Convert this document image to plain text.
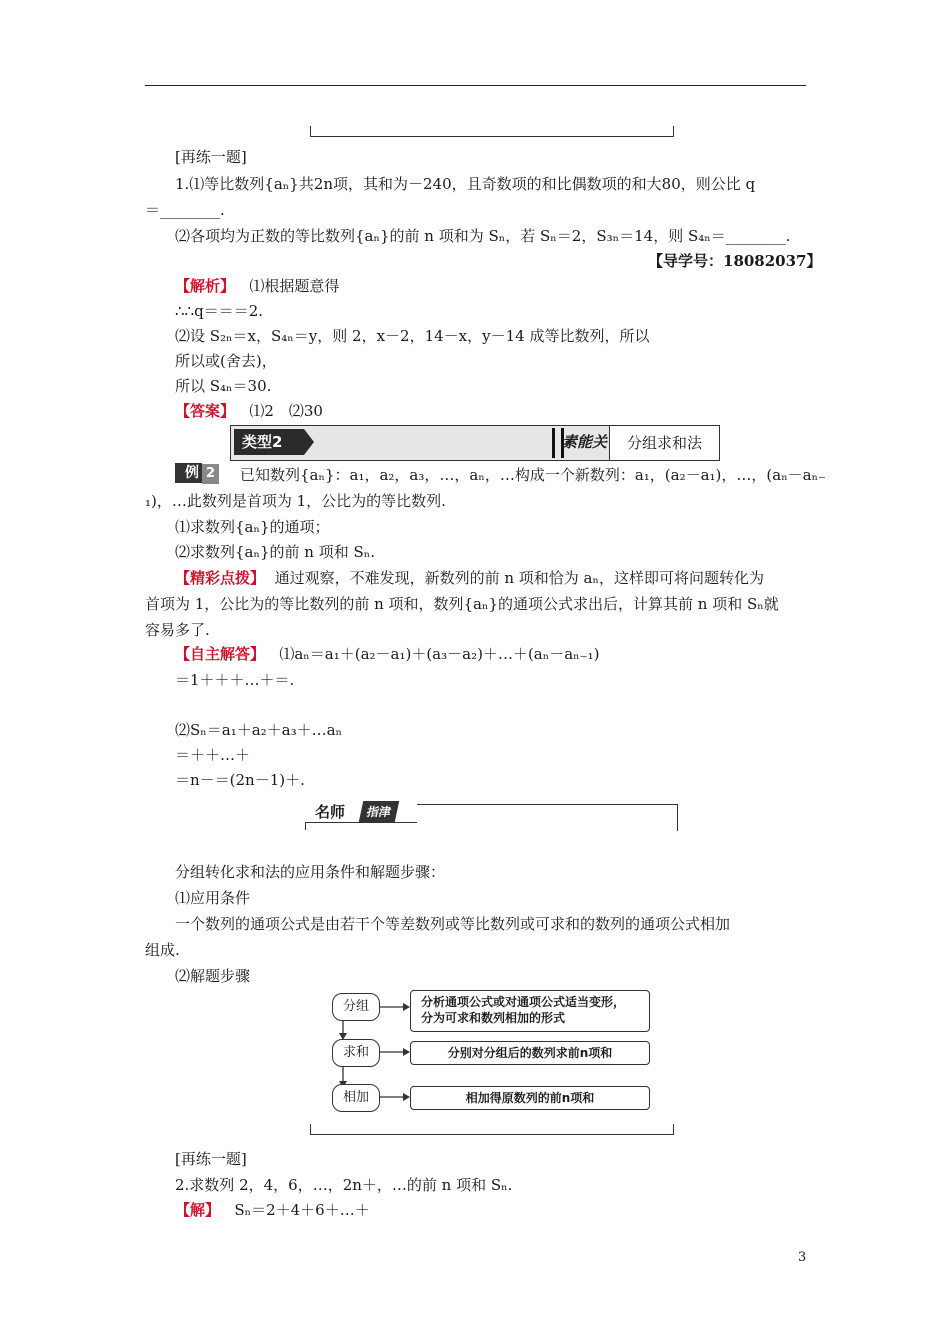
[再练一题]
1.⑴等比数列{aₙ}共2n项，其和为－240，且奇数项的和比偶数项的和大80，则公比 q
＝________.
⑵各项均为正数的等比数列{aₙ}的前 n 项和为 Sₙ，若 Sₙ＝2，S₃ₙ＝14，则 S₄ₙ＝________.
【导学号：18082037】
【解析】 ⑴根据题意得
∴∴q＝＝＝2.
⑵设 S₂ₙ＝x，S₄ₙ＝y，则 2，x－2，14－x，y－14 成等比数列，所以
所以或(舍去)，
所以 S₄ₙ＝30.
【答案】 ⑴2　⑵30
类型2	素能关	分组求和法
例 2 已知数列{aₙ}：a₁，a₂，a₃，…，aₙ，…构成一个新数列：a₁，(a₂－a₁)，…，(aₙ－aₙ₋
₁)，…此数列是首项为 1，公比为的等比数列.
⑴求数列{aₙ}的通项；
⑵求数列{aₙ}的前 n 项和 Sₙ.
【精彩点拨】 通过观察，不难发现，新数列的前 n 项和恰为 aₙ，这样即可将问题转化为
首项为 1，公比为的等比数列的前 n 项和，数列{aₙ}的通项公式求出后，计算其前 n 项和 Sₙ就
容易多了.
【自主解答】 ⑴aₙ＝a₁＋(a₂－a₁)＋(a₃－a₂)＋…＋(aₙ－aₙ₋₁)
＝1＋＋＋…＋＝.
⑵Sₙ＝a₁＋a₂＋a₃＋…aₙ
＝＋＋…＋
＝n－＝(2n－1)＋.
名师	指津
分组转化求和法的应用条件和解题步骤：
⑴应用条件
一个数列的通项公式是由若干个等差数列或等比数列或可求和的数列的通项公式相加
组成.
⑵解题步骤
分组
求和
相加
分析通项公式或对通项公式适当变形，
分为可求和数列相加的形式
分别对分组后的数列求前n项和
相加得原数列的前n项和
[再练一题]
2.求数列 2，4，6，…，2n＋，…的前 n 项和 Sₙ.
【解】 Sₙ＝2＋4＋6＋…＋
3
